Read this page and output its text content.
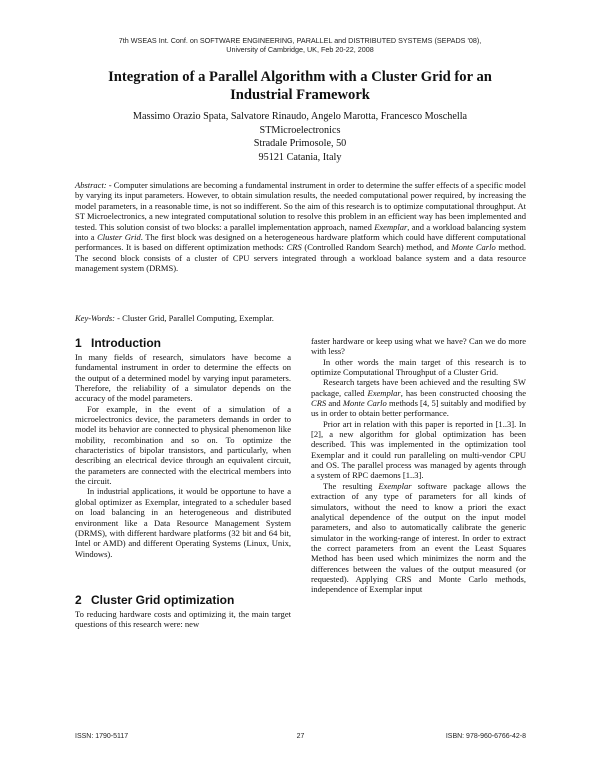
7th WSEAS Int. Conf. on SOFTWARE ENGINEERING, PARALLEL and DISTRIBUTED SYSTEMS (SEPADS '08),
University of Cambridge, UK, Feb 20-22, 2008
Integration of a Parallel Algorithm with a Cluster Grid for an
Industrial Framework
Massimo Orazio Spata, Salvatore Rinaudo, Angelo Marotta, Francesco Moschella
STMicroelectronics
Stradale Primosole, 50
95121 Catania, Italy
Abstract: - Computer simulations are becoming a fundamental instrument in order to determine the suffer effects of a specific model by varying its input parameters. However, to obtain simulation results, the needed computational power required, by increasing the model parameters, in a reasonable time, is not so indifferent. So the aim of this research is to optimize computational throughput. At ST Microelectronics, a new integrated computational solution to resolve this problem in an efficient way has been implemented and tested. This solution consist of two blocks: a parallel implementation approach, named Exemplar, and a workload balancing system into a Cluster Grid. The first block was designed on a heterogeneous hardware platform which could have different computational performances. It is based on different optimization methods: CRS (Controlled Random Search) method, and Monte Carlo method. The second block consists of a cluster of CPU servers integrated through a workload balance system and a data resource management system (DRMS).
Key-Words: - Cluster Grid, Parallel Computing, Exemplar.
1 Introduction

In many fields of research, simulators have become a fundamental instrument in order to determine the effects on the output of a determined model by varying input parameters. Therefore, the reliability of a simulator depends on the accuracy of the model parameters.

For example, in the event of a simulation of a microelectronics device, the parameters demands in order to model its behavior are connected to physical phenomenon like mobility, recombination and so on. To optimize the characteristics of bipolar transistors, and particularly, when describing an electrical device through an equivalent circuit, the parameters are connected with the electrical members into the circuit.

In industrial applications, it would be opportune to have a global optimizer as Exemplar, integrated to a scheduler based on load balancing in an heterogeneous and distributed environment like a Data Resource Management System (DRMS), with different hardware platforms (32 bit and 64 bit, Intel or AMD) and different Operating Systems (Linux, Unix, Windows).

2 Cluster Grid optimization

To reducing hardware costs and optimizing it, the main target questions of this research were: new

faster hardware or keep using what we have? Can we do more with less?

In other words the main target of this research is to optimize Computational Throughput of a Cluster Grid.

Research targets have been achieved and the resulting SW package, called Exemplar, has been constructed choosing the CRS and Monte Carlo methods [4, 5] suitably and modified by us in order to obtain better performance.

Prior art in relation with this paper is reported in [1..3]. In [2], a new algorithm for global optimization has been described. This was implemented in the optimization tool Exemplar and it could run paralleling on multi-vendor CPU and OS. The parallel process was managed by agents through a system of RPC daemons [1..3].

The resulting Exemplar software package allows the extraction of any type of parameters for all kinds of simulators, without the need to know a priori the exact analytical dependence of the output on the input model parameters, and also to automatically calibrate the generic simulator in the working-range of interest. In order to extract the correct parameters from an event the Least Squares Method has been used which minimizes the norm and the differences between the values of the output measured (or requested). Applying CRS and Monte Carlo methods, independence of Exemplar input

ISSN: 1790-5117	27	ISBN: 978-960-6766-42-8
